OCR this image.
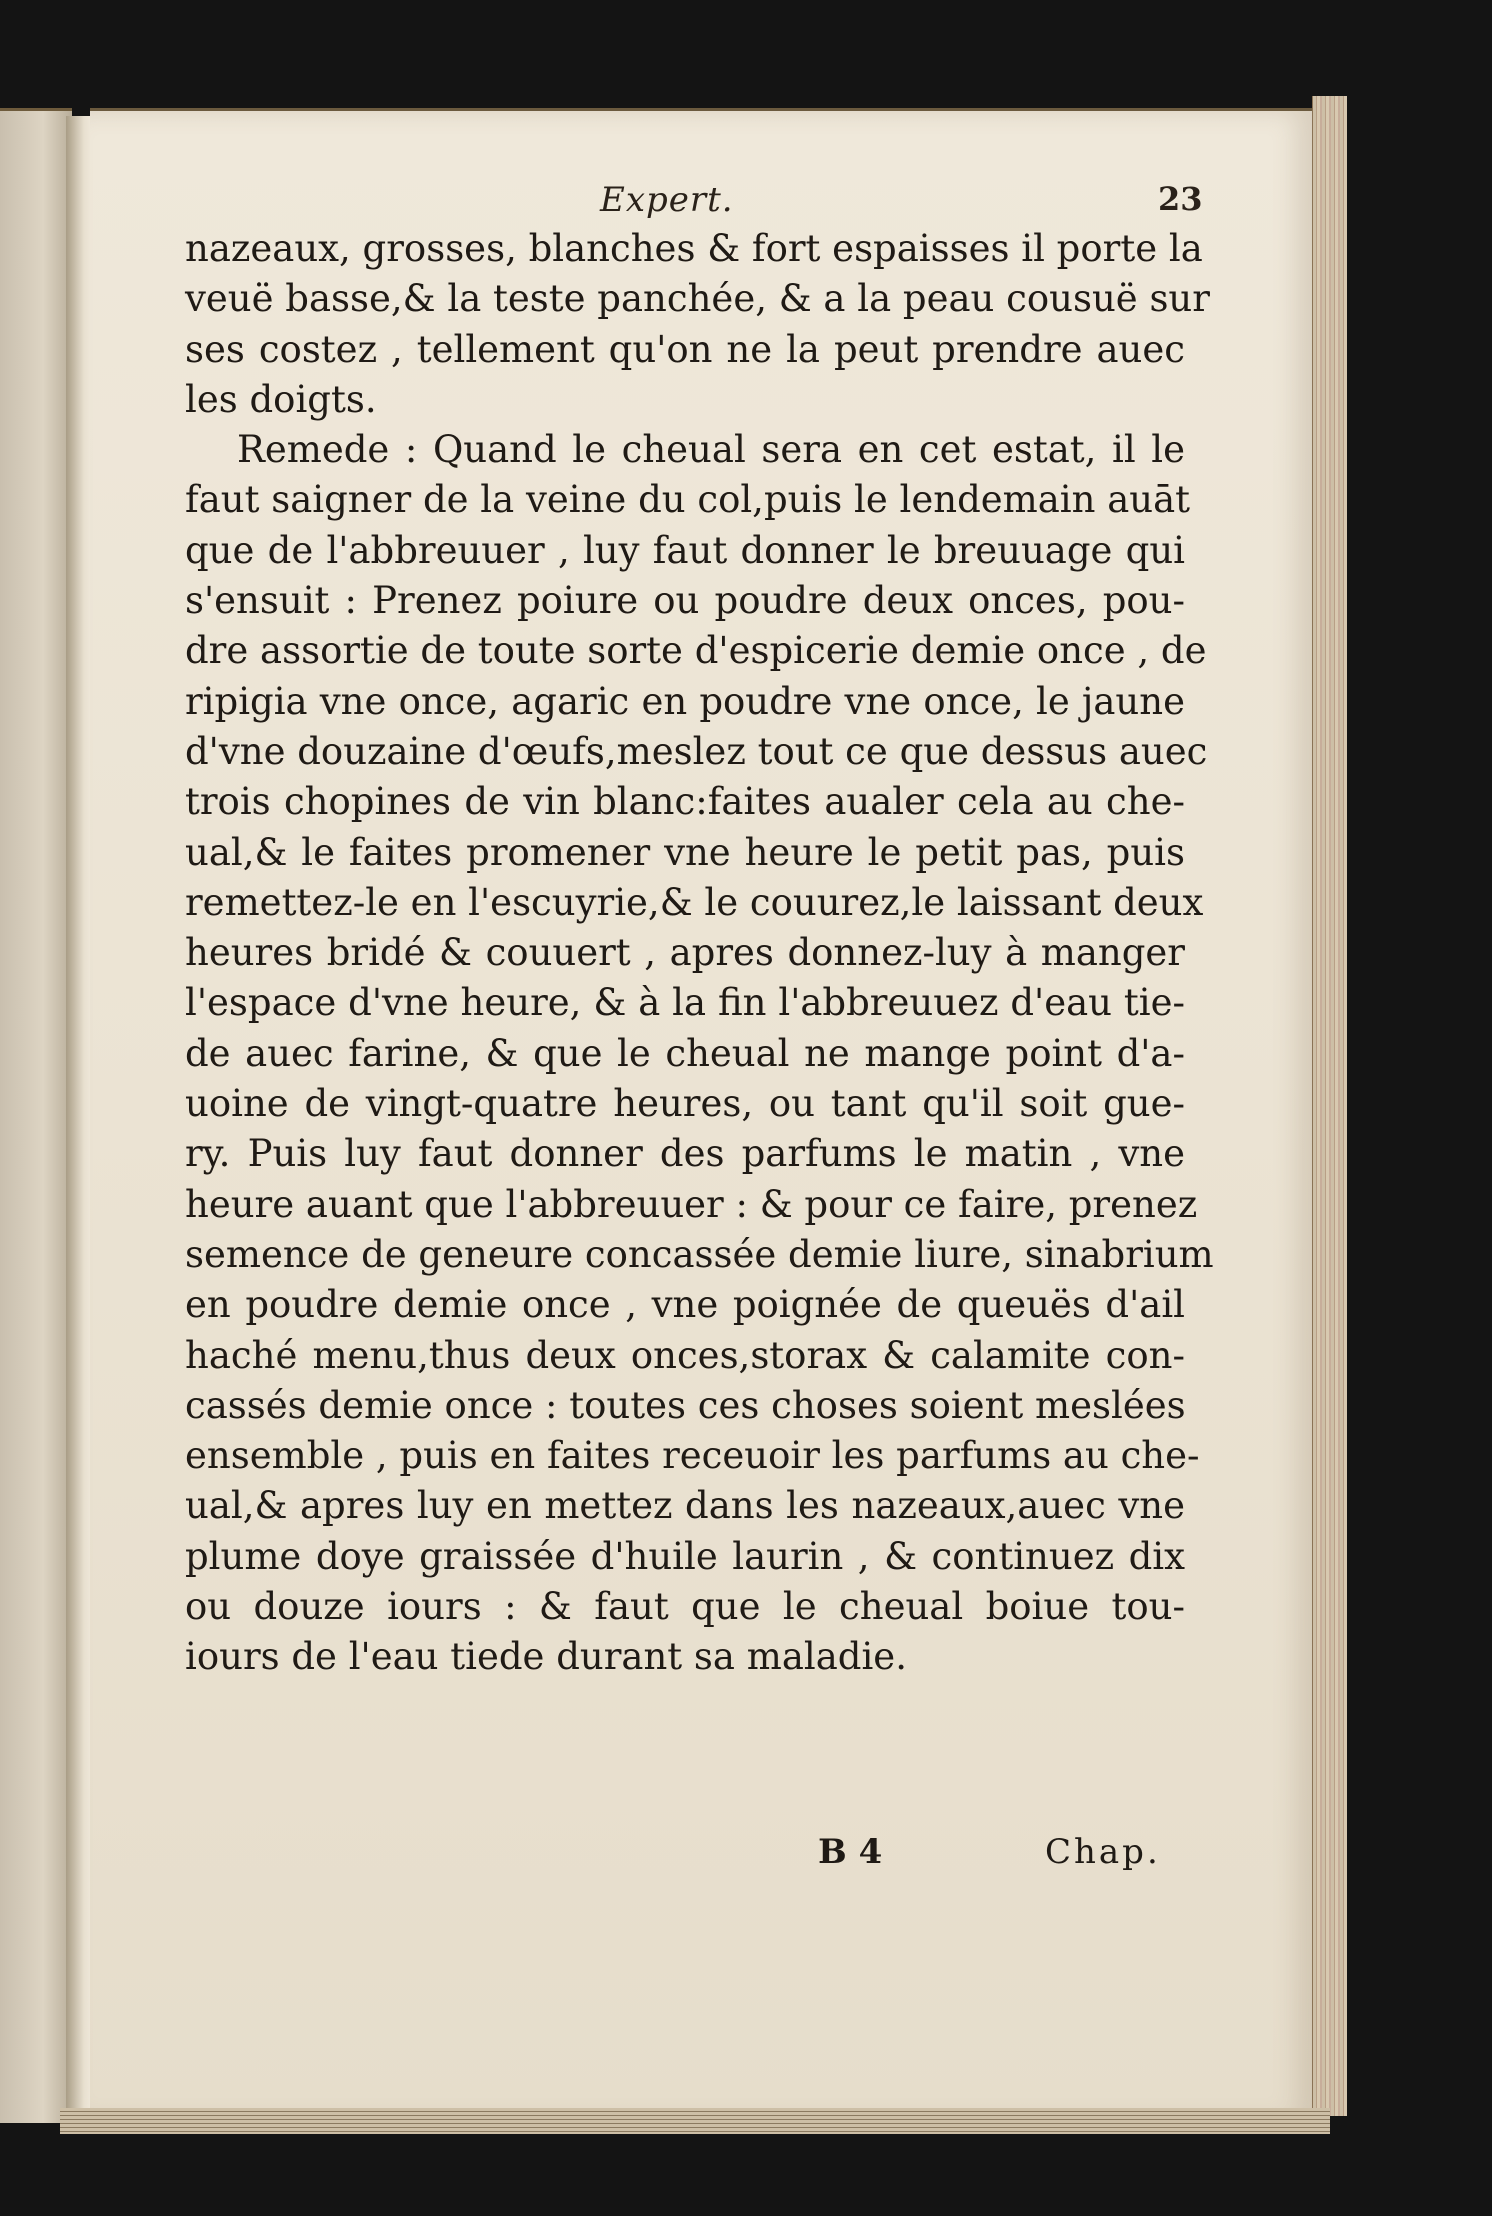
Expert.	23
nazeaux, grosses, blanches & fort espaisses il porte la
veuë basse,& la teste panchée, & a la peau cousuë sur
ses costez , tellement qu'on ne la peut prendre auec
les doigts.
Remede : Quand le cheual sera en cet estat, il le
faut saigner de la veine du col,puis le lendemain auāt
que de l'abbreuuer , luy faut donner le breuuage qui
s'ensuit : Prenez poiure ou poudre deux onces, pou-
dre assortie de toute sorte d'espicerie demie once , de
ripigia vne once, agaric en poudre vne once, le jaune
d'vne douzaine d'œufs,meslez tout ce que dessus auec
trois chopines de vin blanc:faites aualer cela au che-
ual,& le faites promener vne heure le petit pas, puis
remettez-le en l'escuyrie,& le couurez,le laissant deux
heures bridé & couuert , apres donnez-luy à manger
l'espace d'vne heure, & à la fin l'abbreuuez d'eau tie-
de auec farine, & que le cheual ne mange point d'a-
uoine de vingt-quatre heures, ou tant qu'il soit gue-
ry. Puis luy faut donner des parfums le matin , vne
heure auant que l'abbreuuer : & pour ce faire, prenez
semence de geneure concassée demie liure, sinabrium
en poudre demie once , vne poignée de queuës d'ail
haché menu,thus deux onces,storax & calamite con-
cassés demie once : toutes ces choses soient meslées
ensemble , puis en faites receuoir les parfums au che-
ual,& apres luy en mettez dans les nazeaux,auec vne
plume doye graissée d'huile laurin , & continuez dix
ou douze iours : & faut que le cheual boiue tou-
iours de l'eau tiede durant sa maladie.
B 4	Chap.
